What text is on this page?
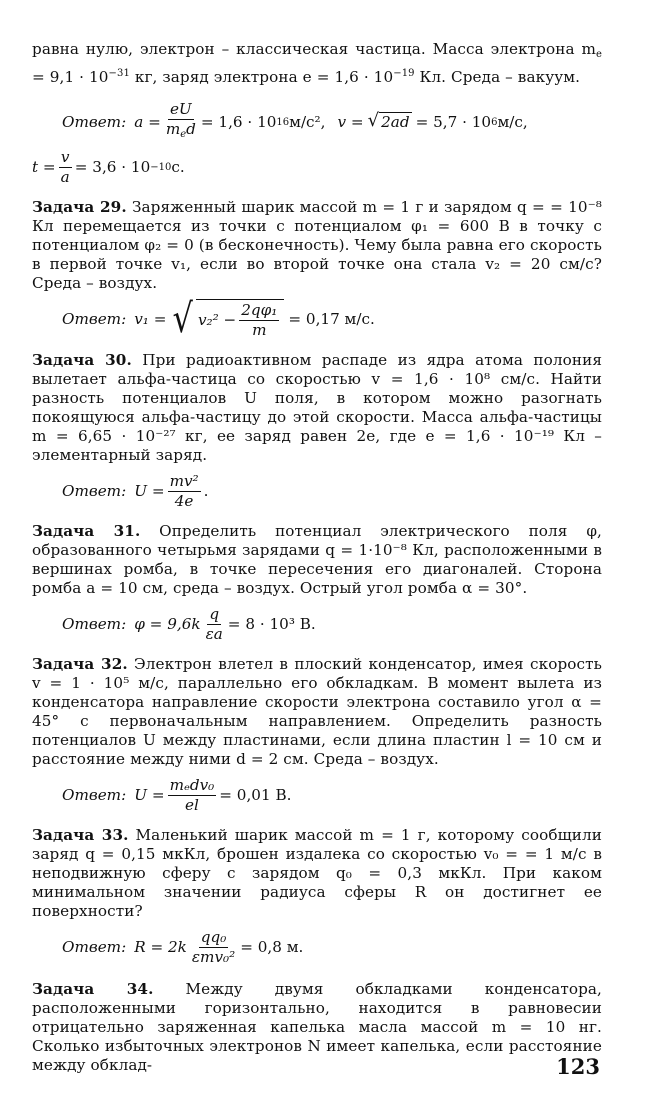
равна нулю, электрон – классическая частица. Масса электрона $m_e = 9,1 \cdot 10^{-31}$ кг, заряд электрона $e = 1,6 \cdot 10^{-19}$ Кл. Среда – вакуум.

Ответ: $a = \frac{eU}{m_ed} = 1,6 \cdot 10$ 16 м/с², v = √ 2ad = 5,7 · 10 6 м/с,
$t = \frac{v}{a} = 3,6 \cdot 10 -10$ с.

Задача 29. Заряженный шарик массой m = 1 г и зарядом q = = 10⁻⁸ Кл перемещается из точки с потенциалом φ₁ = 600 В в точку с потенциалом φ₂ = 0 (в бесконечность). Чему была равна его скорость в первой точке v₁, если во второй точке она стала v₂ = 20 см/с? Среда – воздух.

Ответ: v₁ = √ $v_2^2 - \frac{\text{2qφ₁}}{m} = 0,17$ м/с.

Задача 30. При радиоактивном распаде из ядра атома полония вылетает альфа-частица со скоростью v = 1,6 · 10⁸ см/с. Найти разность потенциалов U поля, в котором можно разогнать покоящуюся альфа-частицу до этой скорости. Масса альфа-частицы m = 6,65 · 10⁻²⁷ кг, ее заряд равен 2e, где e = 1,6 · 10⁻¹⁹ Кл – элементарный заряд.

Ответ: $U = \frac{\text{mv²}}{4e}$ .

Задача 31. Определить потенциал электрического поля φ, образованного четырьмя зарядами q = 1·10⁻⁸ Кл, расположенными в вершинах ромба, в точке пересечения его диагоналей. Сторона ромба a = 10 см, среда – воздух. Острый угол ромба α = 30°.

Ответ: $\varphi = 9,6k \frac{q}{\varepsilon a} = 8 \cdot 10^3$ В.

Задача 32. Электрон влетел в плоский конденсатор, имея скорость v = 1 · 10⁵ м/с, параллельно его обкладкам. В момент вылета из конденсатора направление скорости электрона составило угол α = 45° с первоначальным направлением. Определить разность потенциалов U между пластинами, если длина пластин l = 10 см и расстояние между ними d = 2 см. Среда – воздух.

Ответ: $U = \frac{\text{mₑdv₀}}{el} = 0,01$ В.

Задача 33. Маленький шарик массой m = 1 г, которому сообщили заряд q = 0,15 мкКл, брошен издалека со скоростью v₀ = = 1 м/с в неподвижную сферу с зарядом q₀ = 0,3 мкКл. При каком минимальном значении радиуса сферы R он достигнет ее поверхности?

Ответ: $R = 2k \frac{\text{qq₀}}{\text{εmv₀²}} = 0,8$ м.

Задача 34. Между двумя обкладками конденсатора, расположенными горизонтально, находится в равновесии отрицательно заряженная капелька масла массой m = 10 нг. Сколько избыточных электронов N имеет капелька, если расстояние между обклад-	123
